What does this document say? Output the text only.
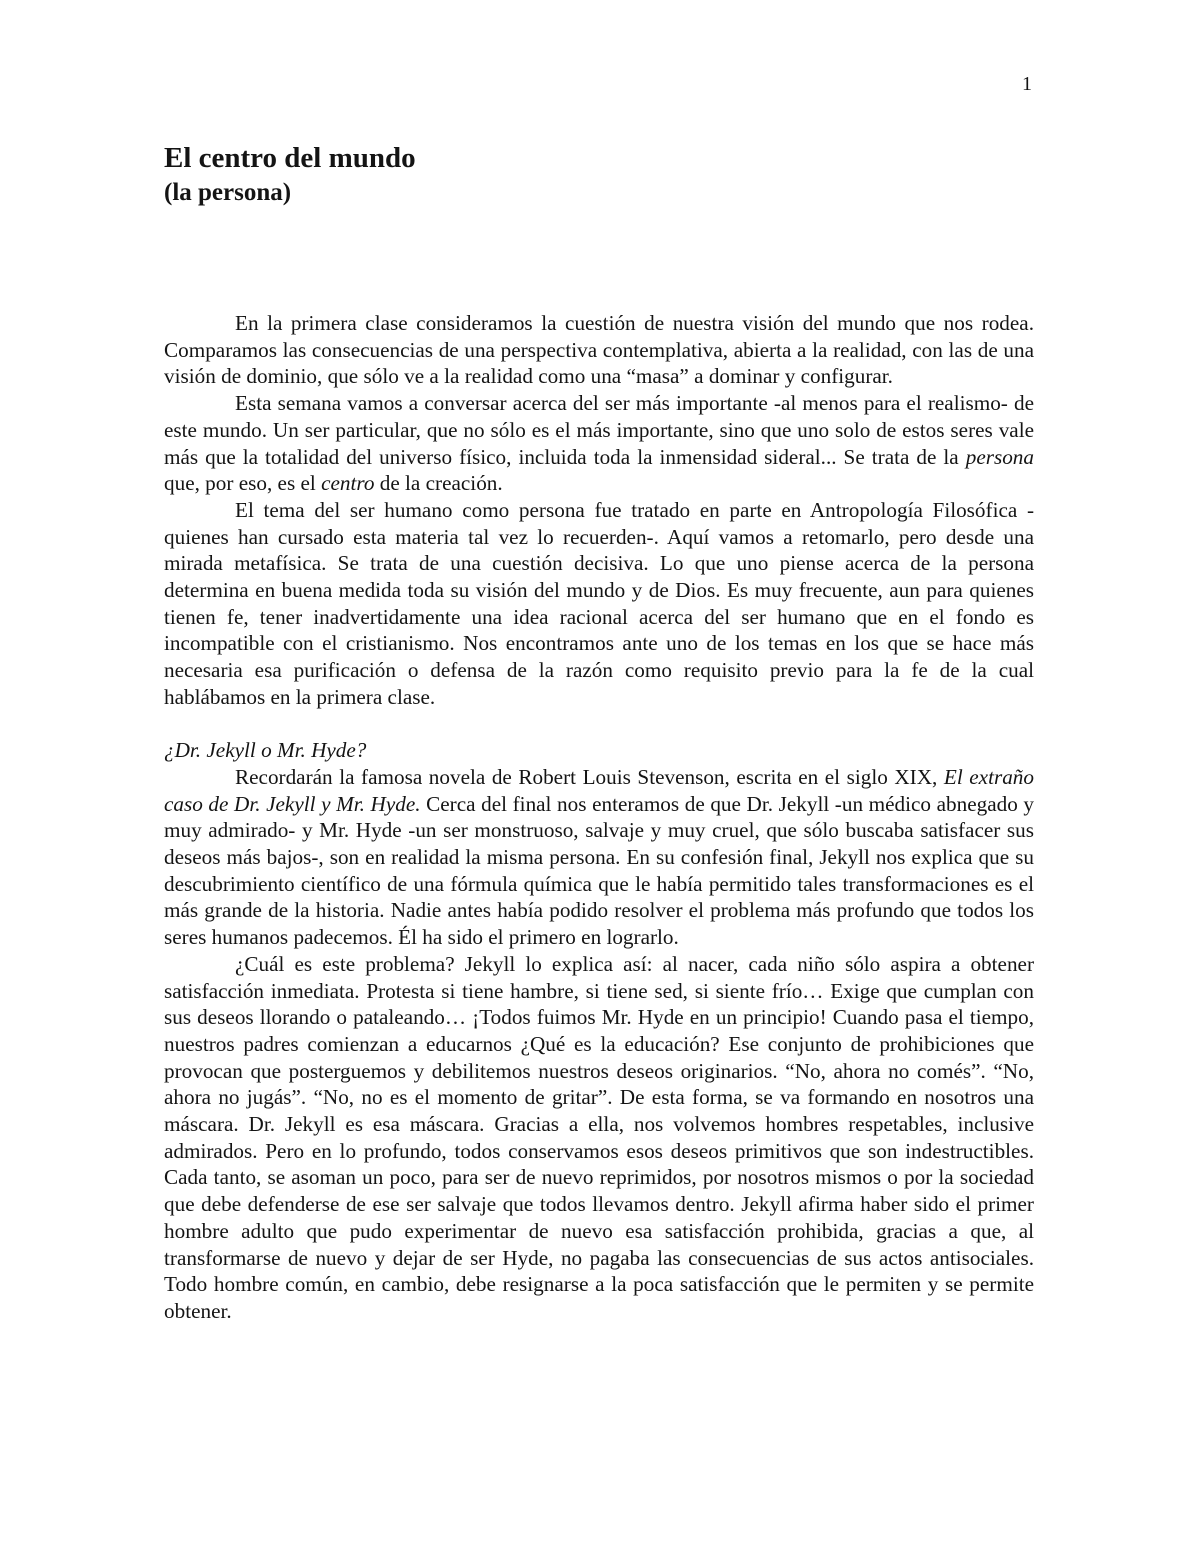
1
El centro del mundo
(la persona)

En la primera clase consideramos la cuestión de nuestra visión del mundo que nos rodea. Comparamos las consecuencias de una perspectiva contemplativa, abierta a la realidad, con las de una visión de dominio, que sólo ve a la realidad como una “masa” a dominar y configurar.

Esta semana vamos a conversar acerca del ser más importante -al menos para el realismo- de este mundo. Un ser particular, que no sólo es el más importante, sino que uno solo de estos seres vale más que la totalidad del universo físico, incluida toda la inmensidad sideral... Se trata de la persona que, por eso, es el centro de la creación.

El tema del ser humano como persona fue tratado en parte en Antropología Filosófica -quienes han cursado esta materia tal vez lo recuerden-. Aquí vamos a retomarlo, pero desde una mirada metafísica. Se trata de una cuestión decisiva. Lo que uno piense acerca de la persona determina en buena medida toda su visión del mundo y de Dios. Es muy frecuente, aun para quienes tienen fe, tener inadvertidamente una idea racional acerca del ser humano que en el fondo es incompatible con el cristianismo. Nos encontramos ante uno de los temas en los que se hace más necesaria esa purificación o defensa de la razón como requisito previo para la fe de la cual hablábamos en la primera clase.

¿Dr. Jekyll o Mr. Hyde?

Recordarán la famosa novela de Robert Louis Stevenson, escrita en el siglo XIX, El extraño caso de Dr. Jekyll y Mr. Hyde. Cerca del final nos enteramos de que Dr. Jekyll -un médico abnegado y muy admirado- y Mr. Hyde -un ser monstruoso, salvaje y muy cruel, que sólo buscaba satisfacer sus deseos más bajos-, son en realidad la misma persona. En su confesión final, Jekyll nos explica que su descubrimiento científico de una fórmula química que le había permitido tales transformaciones es el más grande de la historia. Nadie antes había podido resolver el problema más profundo que todos los seres humanos padecemos. Él ha sido el primero en lograrlo.

¿Cuál es este problema? Jekyll lo explica así: al nacer, cada niño sólo aspira a obtener satisfacción inmediata. Protesta si tiene hambre, si tiene sed, si siente frío… Exige que cumplan con sus deseos llorando o pataleando… ¡Todos fuimos Mr. Hyde en un principio! Cuando pasa el tiempo, nuestros padres comienzan a educarnos ¿Qué es la educación? Ese conjunto de prohibiciones que provocan que posterguemos y debilitemos nuestros deseos originarios. “No, ahora no comés”. “No, ahora no jugás”. “No, no es el momento de gritar”. De esta forma, se va formando en nosotros una máscara. Dr. Jekyll es esa máscara. Gracias a ella, nos volvemos hombres respetables, inclusive admirados. Pero en lo profundo, todos conservamos esos deseos primitivos que son indestructibles. Cada tanto, se asoman un poco, para ser de nuevo reprimidos, por nosotros mismos o por la sociedad que debe defenderse de ese ser salvaje que todos llevamos dentro. Jekyll afirma haber sido el primer hombre adulto que pudo experimentar de nuevo esa satisfacción prohibida, gracias a que, al transformarse de nuevo y dejar de ser Hyde, no pagaba las consecuencias de sus actos antisociales. Todo hombre común, en cambio, debe resignarse a la poca satisfacción que le permiten y se permite obtener.
